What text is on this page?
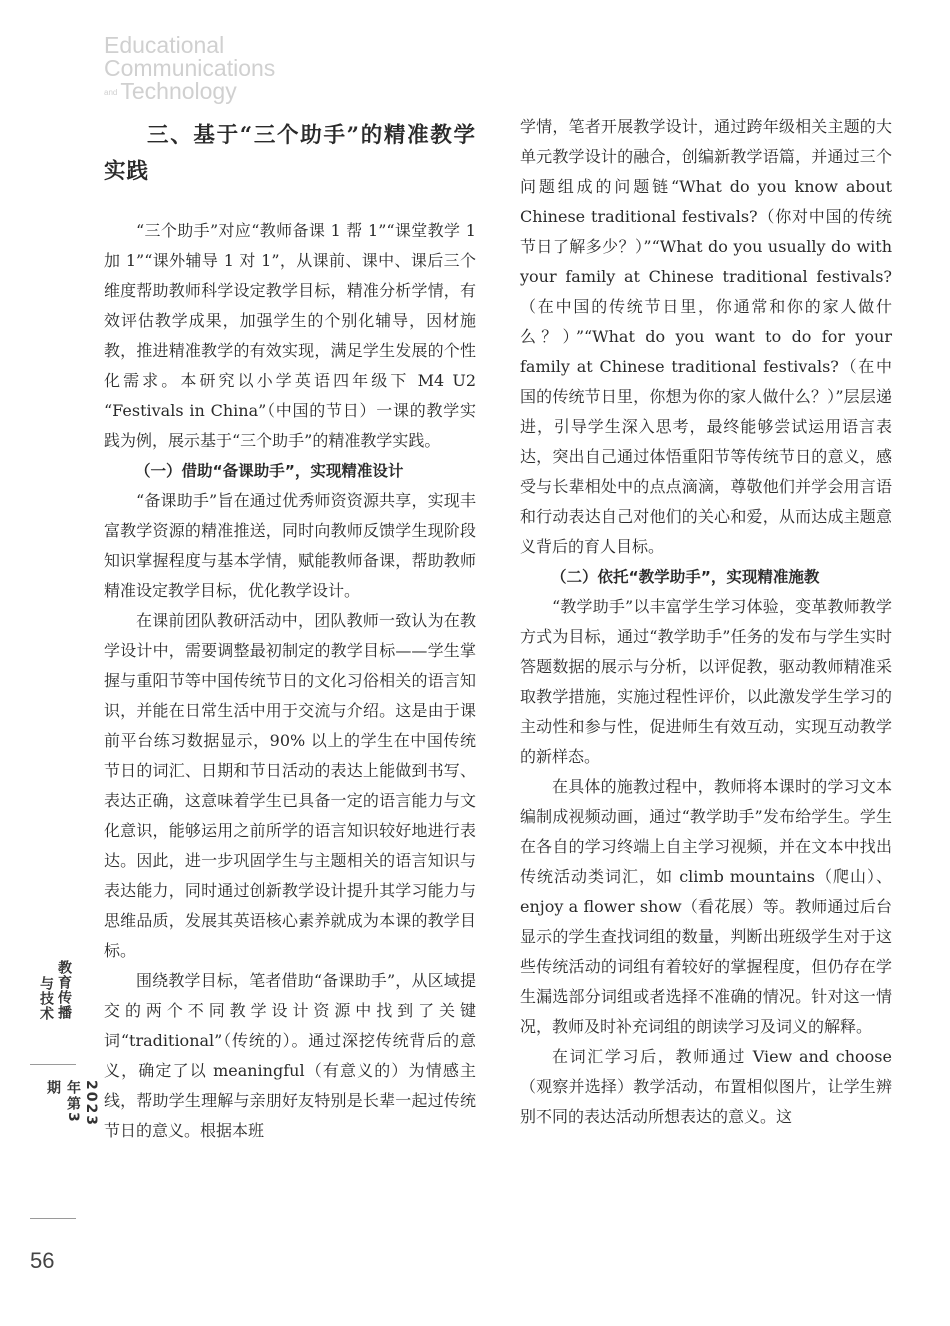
Educational
Communications
and Technology
三、基于“三个助手”的精准教学实践

“三个助手”对应“教师备课 1 帮 1”“课堂教学 1 加 1”“课外辅导 1 对 1”，从课前、课中、课后三个维度帮助教师科学设定教学目标，精准分析学情，有效评估教学成果，加强学生的个别化辅导，因材施教，推进精准教学的有效实现，满足学生发展的个性化需求。本研究以小学英语四年级下 M4 U2 “Festivals in China”（中国的节日）一课的教学实践为例，展示基于“三个助手”的精准教学实践。

（一）借助“备课助手”，实现精准设计

“备课助手”旨在通过优秀师资资源共享，实现丰富教学资源的精准推送，同时向教师反馈学生现阶段知识掌握程度与基本学情，赋能教师备课，帮助教师精准设定教学目标，优化教学设计。

在课前团队教研活动中，团队教师一致认为在教学设计中，需要调整最初制定的教学目标——学生掌握与重阳节等中国传统节日的文化习俗相关的语言知识，并能在日常生活中用于交流与介绍。这是由于课前平台练习数据显示，90% 以上的学生在中国传统节日的词汇、日期和节日活动的表达上能做到书写、表达正确，这意味着学生已具备一定的语言能力与文化意识，能够运用之前所学的语言知识较好地进行表达。因此，进一步巩固学生与主题相关的语言知识与表达能力，同时通过创新教学设计提升其学习能力与思维品质，发展其英语核心素养就成为本课的教学目标。

围绕教学目标，笔者借助“备课助手”，从区域提交的两个不同教学设计资源中找到了关键词“traditional”（传统的）。通过深挖传统背后的意义，确定了以 meaningful（有意义的）为情感主线，帮助学生理解与亲朋好友特别是长辈一起过传统节日的意义。根据本班

学情，笔者开展教学设计，通过跨年级相关主题的大单元教学设计的融合，创编新教学语篇，并通过三个问题组成的问题链“What do you know about Chinese traditional festivals?（你对中国的传统节日了解多少？）”“What do you usually do with your family at Chinese traditional festivals?（在中国的传统节日里，你通常和你的家人做什么？）”“What do you want to do for your family at Chinese traditional festivals?（在中国的传统节日里，你想为你的家人做什么？）”层层递进，引导学生深入思考，最终能够尝试运用语言表达，突出自己通过体悟重阳节等传统节日的意义，感受与长辈相处中的点点滴滴，尊敬他们并学会用言语和行动表达自己对他们的关心和爱，从而达成主题意义背后的育人目标。

（二）依托“教学助手”，实现精准施教

“教学助手”以丰富学生学习体验，变革教师教学方式为目标，通过“教学助手”任务的发布与学生实时答题数据的展示与分析，以评促教，驱动教师精准采取教学措施，实施过程性评价，以此激发学生学习的主动性和参与性，促进师生有效互动，实现互动教学的新样态。

在具体的施教过程中，教师将本课时的学习文本编制成视频动画，通过“教学助手”发布给学生。学生在各自的学习终端上自主学习视频，并在文本中找出传统活动类词汇，如 climb mountains（爬山）、enjoy a flower show（看花展）等。教师通过后台显示的学生查找词组的数量，判断出班级学生对于这些传统活动的词组有着较好的掌握程度，但仍存在学生漏选部分词组或者选择不准确的情况。针对这一情况，教师及时补充词组的朗读学习及词义的解释。

在词汇学习后，教师通过 View and choose（观察并选择）教学活动，布置相似图片，让学生辨别不同的表达活动所想表达的意义。这

教育传播
与技术
2023年第3期
56
